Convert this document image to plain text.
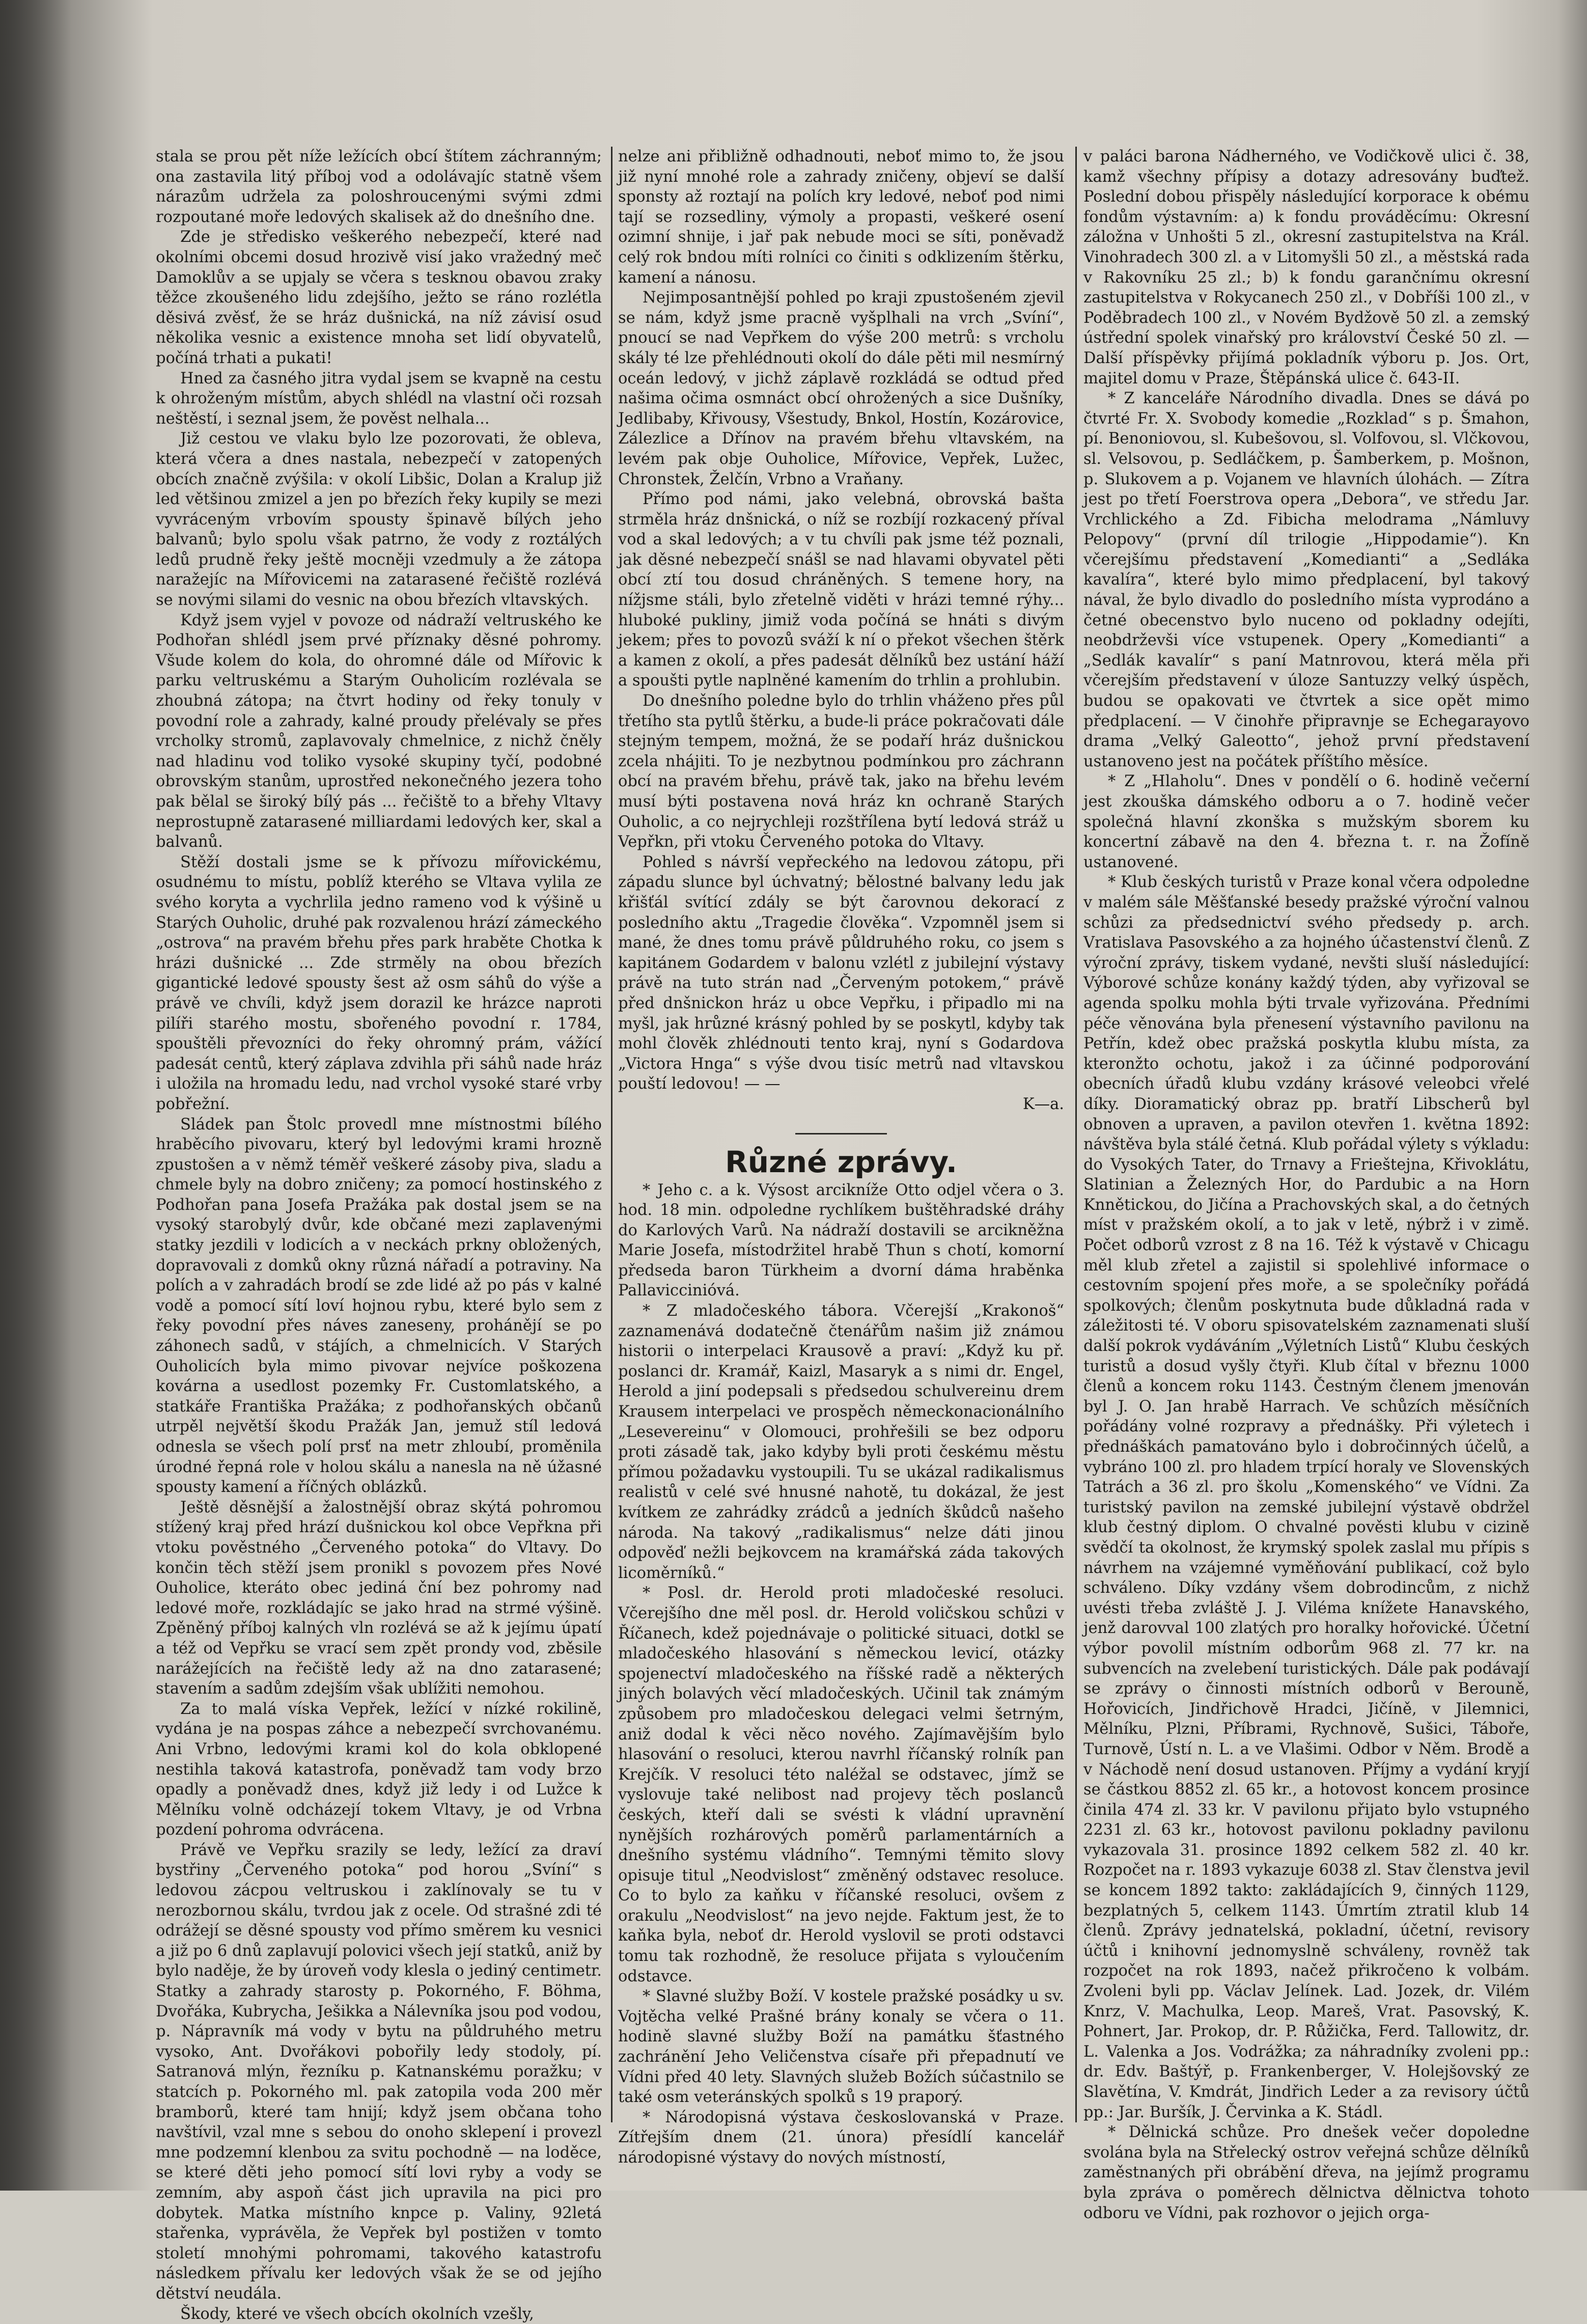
stala se prou pět níže ležících obcí štítem záchranným; ona zastavila litý příboj vod a odolávajíc statně všem nárazům udržela za poloshroucenými svými zdmi rozpoutané moře ledových skalisek až do dnešního dne.

Zde je středisko veškerého nebezpečí, které nad okolními obcemi dosud hrozivě visí jako vražedný meč Damoklův a se upjaly se včera s tesknou obavou zraky těžce zkoušeného lidu zdejšího, ježto se ráno rozlétla děsivá zvěsť, že se hráz dušnická, na níž závisí osud několika vesnic a existence mnoha set lidí obyvatelů, počíná trhati a pukati!

Hned za časného jitra vydal jsem se kvapně na cestu k ohroženým místům, abych shlédl na vlastní oči rozsah neštěstí, i seznal jsem, že pověst nelhala...

Již cestou ve vlaku bylo lze pozorovati, že obleva, která včera a dnes nastala, nebezpečí v zatopených obcích značně zvýšila: v okolí Libšic, Dolan a Kralup již led většinou zmizel a jen po březích řeky kupily se mezi vyvráceným vrbovím spousty špinavě bílých jeho balvanů; bylo spolu však patrno, že vody z roztálých ledů prudně řeky ještě mocněji vzedmuly a že zátopa naražejíc na Mířovicemi na zatarasené řečiště rozlévá se novými silami do vesnic na obou březích vltavských.

Když jsem vyjel v povoze od nádraží veltruského ke Podhořan shlédl jsem prvé příznaky děsné pohromy. Všude kolem do kola, do ohromné dále od Mířovic k parku veltruskému a Starým Ouholicím rozlévala se zhoubná zátopa; na čtvrt hodiny od řeky tonuly v povodní role a zahrady, kalné proudy přelévaly se přes vrcholky stromů, zaplavovaly chmelnice, z nichž čněly nad hladinu vod toliko vysoké skupiny tyčí, podobné obrovským stanům, uprostřed nekonečného jezera toho pak bělal se široký bílý pás ... řečiště to a břehy Vltavy neprostupně zatarasené milliardami ledových ker, skal a balvanů.

Stěží dostali jsme se k přívozu mířovickému, osudnému to místu, poblíž kterého se Vltava vylila ze svého koryta a vychrlila jedno rameno vod k výšině u Starých Ouholic, druhé pak rozvalenou hrází zámeckého „ostrova“ na pravém břehu přes park hraběte Chotka k hrázi dušnické ... Zde strměly na obou březích gigantické ledové spousty šest až osm sáhů do výše a právě ve chvíli, když jsem dorazil ke hrázce naproti pilíři starého mostu, sbořeného povodní r. 1784, spouštěli převozníci do řeky ohromný prám, vážící padesát centů, který záplava zdvihla při sáhů nade hráz i uložila na hromadu ledu, nad vrchol vysoké staré vrby pobřežní.

Sládek pan Štolc provedl mne místnostmi bílého hraběcího pivovaru, který byl ledovými krami hrozně zpustošen a v němž téměř veškeré zásoby piva, sladu a chmele byly na dobro zničeny; za pomocí hostinského z Podhořan pana Josefa Pražáka pak dostal jsem se na vysoký starobylý dvůr, kde občané mezi zaplavenými statky jezdili v lodicích a v neckách prkny obložených, dopravovali z domků okny různá nářadí a potraviny. Na polích a v zahradách brodí se zde lidé až po pás v kalné vodě a pomocí sítí loví hojnou rybu, které bylo sem z řeky povodní přes náves zaneseny, prohánějí se po záhonech sadů, v stájích, a chmelnicích. V Starých Ouholicích byla mimo pivovar nejvíce poškozena kovárna a usedlost pozemky Fr. Customlatského, a statkáře Františka Pražáka; z podhořanských občanů utrpěl největší škodu Pražák Jan, jemuž stíl ledová odnesla se všech polí prsť na metr zhloubí, proměnila úrodné řepná role v holou skálu a nanesla na ně úžasné spousty kamení a říčných oblázků.

Ještě děsnější a žalostnější obraz skýtá pohromou stížený kraj před hrází dušnickou kol obce Vepřkna při vtoku pověstného „Červeného potoka“ do Vltavy. Do končin těch stěží jsem pronikl s povozem přes Nové Ouholice, kteráto obec jediná ční bez pohromy nad ledové moře, rozkládajíc se jako hrad na strmé výšině. Zpěněný příboj kalných vln rozlévá se až k jejímu úpatí a též od Vepřku se vrací sem zpět prondy vod, zběsile narážejících na řečiště ledy až na dno zatarasené; stavením a sadům zdejším však ublížiti nemohou.

Za to malá víska Vepřek, ležící v nízké rokilině, vydána je na pospas záhce a nebezpečí svrchovanému. Ani Vrbno, ledovými krami kol do kola obklopené nestihla taková katastrofa, poněvadž tam vody brzo opadly a poněvadž dnes, když již ledy i od Lužce k Mělníku volně odcházejí tokem Vltavy, je od Vrbna pozdení pohroma odvrácena.

Právě ve Vepřku srazily se ledy, ležící za draví bystřiny „Červeného potoka“ pod horou „Svíní“ s ledovou zácpou veltruskou i zaklínovaly se tu v nerozbornou skálu, tvrdou jak z ocele. Od strašné zdi té odrážejí se děsné spousty vod přímo směrem ku vesnici a již po 6 dnů zaplavují polovici všech její statků, aniž by bylo naděje, že by úroveň vody klesla o jediný centimetr. Statky a zahrady starosty p. Pokorného, F. Böhma, Dvořáka, Kubrycha, Ješikka a Nálevníka jsou pod vodou, p. Nápravník má vody v bytu na půldruhého metru vysoko, Ant. Dvořákovi pobořily ledy stodoly, pí. Satranová mlýn, řezníku p. Katnanskému poražku; v statcích p. Pokorného ml. pak zatopila voda 200 měr bramborů, které tam hnijí; když jsem občana toho navštívil, vzal mne s sebou do onoho sklepení i provezl mne podzemní klenbou za svitu pochodně — na loděce, se které děti jeho pomocí sítí lovi ryby a vody se zemním, aby aspoň část jich upravila na pici pro dobytek. Matka místního knpce p. Valiny, 92letá stařenka, vyprávěla, že Vepřek byl postižen v tomto století mnohými pohromami, takového katastrofu následkem přívalu ker ledových však že se od jejího dětství neudála.

Škody, které ve všech obcích okolních vzešly,

nelze ani přibližně odhadnouti, neboť mimo to, že jsou již nyní mnohé role a zahrady zničeny, objeví se další sponsty až roztají na polích kry ledové, neboť pod nimi tají se rozsedliny, výmoly a propasti, veškeré osení ozimní shnije, i jař pak nebude moci se síti, poněvadž celý rok bndou míti rolníci co činiti s odklizením štěrku, kamení a nánosu.

Nejimposantnější pohled po kraji zpustošeném zjevil se nám, když jsme pracně vyšplhali na vrch „Svíní“, pnoucí se nad Vepřkem do výše 200 metrů: s vrcholu skály té lze přehlédnouti okolí do dále pěti mil nesmírný oceán ledový, v jichž záplavě rozkládá se odtud před našima očima osmnáct obcí ohrožených a sice Dušníky, Jedlibaby, Křivousy, Všestudy, Bnkol, Hostín, Kozárovice, Zálezlice a Dřínov na pravém břehu vltavském, na levém pak obje Ouholice, Mířovice, Vepřek, Lužec, Chronstek, Želčín, Vrbno a Vraňany.

Přímo pod námi, jako velebná, obrovská bašta strměla hráz dnšnická, o níž se rozbíjí rozkacený příval vod a skal ledových; a v tu chvíli pak jsme též poznali, jak děsné nebezpečí snášl se nad hlavami obyvatel pěti obcí ztí tou dosud chráněných. S temene hory, na nížjsme stáli, bylo zřetelně viděti v hrázi temné rýhy... hluboké pukliny, jimiž voda počíná se hnáti s divým jekem; přes to povozů sváží k ní o překot všechen štěrk a kamen z okolí, a přes padesát dělníků bez ustání háží a spoušti pytle naplněné kamením do trhlin a prohlubin.

Do dnešního poledne bylo do trhlin vháženo přes půl třetího sta pytlů štěrku, a bude-li práce pokračovati dále stejným tempem, možná, že se podaří hráz dušnickou zcela nhájiti. To je nezbytnou podmínkou pro záchrann obcí na pravém břehu, právě tak, jako na břehu levém musí býti postavena nová hráz kn ochraně Starých Ouholic, a co nejrychleji rozštřílena bytí ledová stráž u Vepřkn, při vtoku Červeného potoka do Vltavy.

Pohled s návrší vepřeckého na ledovou zátopu, při západu slunce byl úchvatný; bělostné balvany ledu jak křišťál svítící zdály se být čarovnou dekorací z posledního aktu „Tragedie člověka“. Vzpomněl jsem si mané, že dnes tomu právě půldruhého roku, co jsem s kapitánem Godardem v balonu vzlétl z jubilejní výstavy právě na tuto strán nad „Červeným potokem,“ právě před dnšnickon hráz u obce Vepřku, i připadlo mi na myšl, jak hrůzné krásný pohled by se poskytl, kdyby tak mohl člověk zhlédnouti tento kraj, nyní s Godardova „Victora Hnga“ s výše dvou tisíc metrů nad vltavskou pouští ledovou! — —

K—a.

Různé zprávy.

* Jeho c. a k. Výsost arciknížе Otto odjel včera o 3. hod. 18 min. odpoledne rychlíkem buštěhradské dráhy do Karlových Varů. Na nádraží dostavili se arcikněžna Marie Josefa, místodržitel hrabě Thun s chotí, komorní předseda baron Türkheim a dvorní dáma hraběnka Pallaviccinióvá.

* Z mladočeského tábora. Včerejší „Krakonoš“ zaznamenává dodatečně čtenářům našim již známou historii o interpelaci Krausově a praví: „Když ku př. poslanci dr. Kramář, Kaizl, Masaryk a s nimi dr. Engel, Herold a jiní podepsali s předsedou schulvereinu drem Krausem interpelaci ve prospěch německonacionálního „Lesevereinu“ v Olomouci, prohřešili se bez odporu proti zásadě tak, jako kdyby byli proti českému městu přímou požadavku vystoupili. Tu se ukázal radikalismus realistů v celé své hnusné nahotě, tu dokázal, že jest kvítkem ze zahrádky zrádců a jedních škůdců našeho národa. Na takový „radikalismus“ nelze dáti jinou odpověď nežli bejkovcem na kramářská záda takových licoměrníků.“

* Posl. dr. Herold proti mladočeské resoluci. Včerejšího dne měl posl. dr. Herold voličskou schůzi v Říčanech, kdež pojednávaje o politické situaci, dotkl se mladočeského hlasování s německou levicí, otázky spojenectví mladočeského na říšské radě a některých jiných bolavých věcí mladočeských. Učinil tak známým způsobem pro mladočeskou delegaci velmi šetrným, aniž dodal k věci něco nového. Zajímavějším bylo hlasování o resoluci, kterou navrhl říčanský rolník pan Krejčík. V resoluci této naléžal se odstavec, jímž se vyslovuje také nelibost nad projevy těch poslanců českých, kteří dali se svésti k vládní upravnění nynějších rozhárových poměrů parlamentárních a dnešního systému vládního“. Temnými těmito slovy opisuje titul „Neodvislost“ změněný odstavec resoluce. Co to bylo za kaňku v říčanské resoluci, ovšem z orakulu „Neodvislost“ na jevo nejde. Faktum jest, že to kaňka byla, neboť dr. Herold vyslovil se proti odstavci tomu tak rozhodně, že resoluce přijata s vyloučením odstavce.

* Slavné služby Boží. V kostele pražské posádky u sv. Vojtěcha velké Prašné brány konaly se včera o 11. hodině slavné služby Boží na památku šťastného zachránění Jeho Veličenstva císaře při přepadnutí ve Vídni před 40 lety. Slavných služeb Božích súčastnilo se také osm veteránských spolků s 19 praporý.

* Národopisná výstava českoslovanská v Praze. Zítřejším dnem (21. února) přesídlí kancelář národopisné výstavy do nových místností,

v paláci barona Nádherného, ve Vodičkově ulici č. 38, kamž všechny přípisy a dotazy adresovány buďtež. Poslední dobou přispěly následující korporace k obému fondům výstavním: a) k fondu prováděcímu: Okresní záložna v Unhošti 5 zl., okresní zastupitelstva na Král. Vinohradech 300 zl. a v Litomyšli 50 zl., a městská rada v Rakovníku 25 zl.; b) k fondu garančnímu okresní zastupitelstva v Rokycanech 250 zl., v Dobříši 100 zl., v Poděbradech 100 zl., v Novém Bydžově 50 zl. a zemský ústřední spolek vinařský pro království České 50 zl. — Další příspěvky přijímá pokladník výboru p. Jos. Ort, majitel domu v Praze, Štěpánská ulice č. 643-II.

* Z kanceláře Národního divadla. Dnes se dává po čtvrté Fr. X. Svobody komedie „Rozklad“ s p. Šmahon, pí. Benoniovou, sl. Kubešovou, sl. Volfovou, sl. Vlčkovou, sl. Velsovou, p. Sedláčkem, p. Šamberkem, p. Mošnon, p. Slukovem a p. Vojanem ve hlavních úlohách. — Zítra jest po třetí Foerstrova opera „Debora“, ve středu Jar. Vrchlického a Zd. Fibicha melodrama „Námluvy Pelopovy“ (první díl trilogie „Hippodamie“). Kn včerejšímu představení „Komedianti“ a „Sedláka kavalíra“, které bylo mimo předplacení, byl takový nával, že bylo divadlo do posledního místa vyprodáno a četné obecenstvo bylo nuceno od pokladny odejíti, neobdrževši více vstupenek. Opery „Komedianti“ a „Sedlák kavalír“ s paní Matnrovou, která měla při včerejším představení v úloze Santuzzy velký úspěch, budou se opakovati ve čtvrtek a sice opět mimo předplacení. — V činohře připravnje se Echegarayovo drama „Velký Galeotto“, jehož první představení ustanoveno jest na počátek příštího měsíce.

* Z „Hlaholu“. Dnes v pondělí o 6. hodině večerní jest zkouška dámského odboru a o 7. hodině večer společná hlavní zkonška s mužským sborem ku koncertní zábavě na den 4. března t. r. na Žofíně ustanovené.

* Klub českých turistů v Praze konal včera odpoledne v malém sále Měšťanské besedy pražské výroční valnou schůzi za předsednictví svého předsedy p. arch. Vratislava Pasovského a za hojného účastenství členů. Z výroční zprávy, tiskem vydané, nevšti sluší následující: Výborové schůze konány každý týden, aby vyřizoval se agenda spolku mohla býti trvale vyřizována. Předními péče věnována byla přenesení výstavního pavilonu na Petřín, kdež obec pražská poskytla klubu místa, za kteronžto ochotu, jakož i za účinné podporování obecních úřadů klubu vzdány krásové veleobci vřelé díky. Dioramatický obraz pp. bratří Libscherů byl obnoven a upraven, a pavilon otevřen 1. května 1892: návštěva byla stálé četná. Klub pořádal výlety s výkladu: do Vysokých Tater, do Trnavy a Frieštejna, Křivoklátu, Slatinian a Železných Hor, do Pardubic a na Horn Knnětickou, do Jičína a Prachovských skal, a do četných míst v pražském okolí, a to jak v letě, nýbrž i v zimě. Počet odborů vzrost z 8 na 16. Též k výstavě v Chicagu měl klub zřetel a zajistil si spolehlivé informace o cestovním spojení přes moře, a se společníky pořádá spolkových; členům poskytnuta bude důkladná rada v záležitosti té. V oboru spisovatelském zaznamenati sluší další pokrok vydáváním „Výletních Listů“ Klubu českých turistů a dosud vyšly čtyři. Klub čítal v březnu 1000 členů a koncem roku 1143. Čestným členem jmenován byl J. O. Jan hrabě Harrach. Ve schůzích měsíčních pořádány volné rozpravy a přednášky. Při výletech i přednáškách pamatováno bylo i dobročinných účelů, a vybráno 100 zl. pro hladem trpící horaly ve Slovenských Tatrách a 36 zl. pro školu „Komenského“ ve Vídni. Za turistský pavilon na zemské jubilejní výstavě obdržel klub čestný diplom. O chvalné pověsti klubu v cizině svědčí ta okolnost, že krymský spolek zaslal mu přípis s návrhem na vzájemné vyměňování publikací, což bylo schváleno. Díky vzdány všem dobrodincům, z nichž uvésti třeba zvláště J. J. Viléma knížete Hanavského, jenž darovval 100 zlatých pro horalky hořovické. Účetní výbor povolil místním odborům 968 zl. 77 kr. na subvencích na zvelebení turistických. Dále pak podávají se zprávy o činnosti místních odborů v Berouně, Hořovicích, Jindřichově Hradci, Jičíně, v Jilemnici, Mělníku, Plzni, Příbrami, Rychnově, Sušici, Táboře, Turnově, Ústí n. L. a ve Vlašimi. Odbor v Něm. Brodě a v Náchodě není dosud ustanoven. Příjmy a vydání kryjí se částkou 8852 zl. 65 kr., a hotovost koncem prosince činila 474 zl. 33 kr. V pavilonu přijato bylo vstupného 2231 zl. 63 kr., hotovost pavilonu pokladny pavilonu vykazovala 31. prosince 1892 celkem 582 zl. 40 kr. Rozpočet na r. 1893 vykazuje 6038 zl. Stav členstva jevil se koncem 1892 takto: zakládajících 9, činných 1129, bezplatných 5, celkem 1143. Úmrtím ztratil klub 14 členů. Zprávy jednatelská, pokladní, účetní, revisory účtů i knihovní jednomyslně schváleny, rovněž tak rozpočet na rok 1893, načež přikročeno k volbám. Zvoleni byli pp. Václav Jelínek. Lad. Jozek, dr. Vilém Knrz, V. Machulka, Leop. Mareš, Vrat. Pasovský, K. Pohnert, Jar. Prokop, dr. P. Růžička, Ferd. Tallowitz, dr. L. Valenka a Jos. Vodrážka; za náhradníky zvoleni pp.: dr. Edv. Baštýř, p. Frankenberger, V. Holejšovský ze Slavětína, V. Kmdrát, Jindřich Leder a za revisory účtů pp.: Jar. Buršík, J. Červinka a K. Stádl.

* Dělnická schůze. Pro dnešek večer dopoledne svolána byla na Střelecký ostrov veřejná schůze dělníků zaměstnaných při obrábění dřeva, na jejímž programu byla zpráva o poměrech dělnictva dělnictva tohoto odboru ve Vídni, pak rozhovor o jejich orga-
